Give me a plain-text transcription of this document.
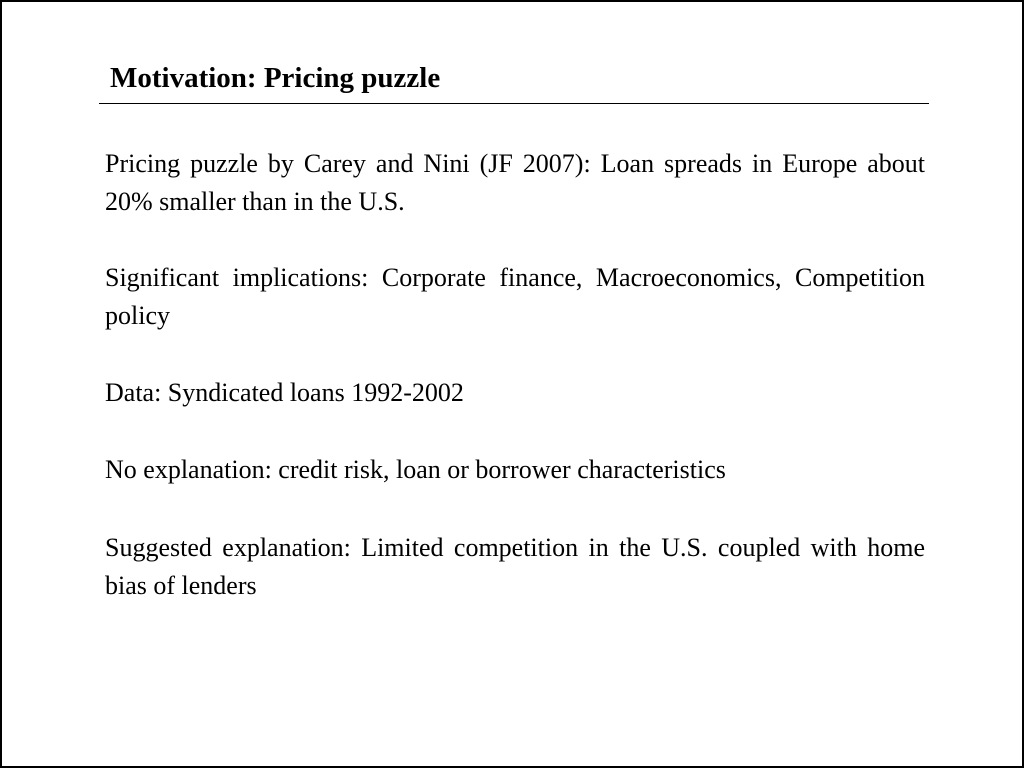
Motivation: Pricing puzzle
Pricing puzzle by Carey and Nini (JF 2007): Loan spreads in Europe about 20% smaller than in the U.S.
Significant implications: Corporate finance, Macroeconomics, Competition policy
Data: Syndicated loans 1992-2002
No explanation: credit risk, loan or borrower characteristics
Suggested explanation: Limited competition in the U.S. coupled with home bias of lenders
